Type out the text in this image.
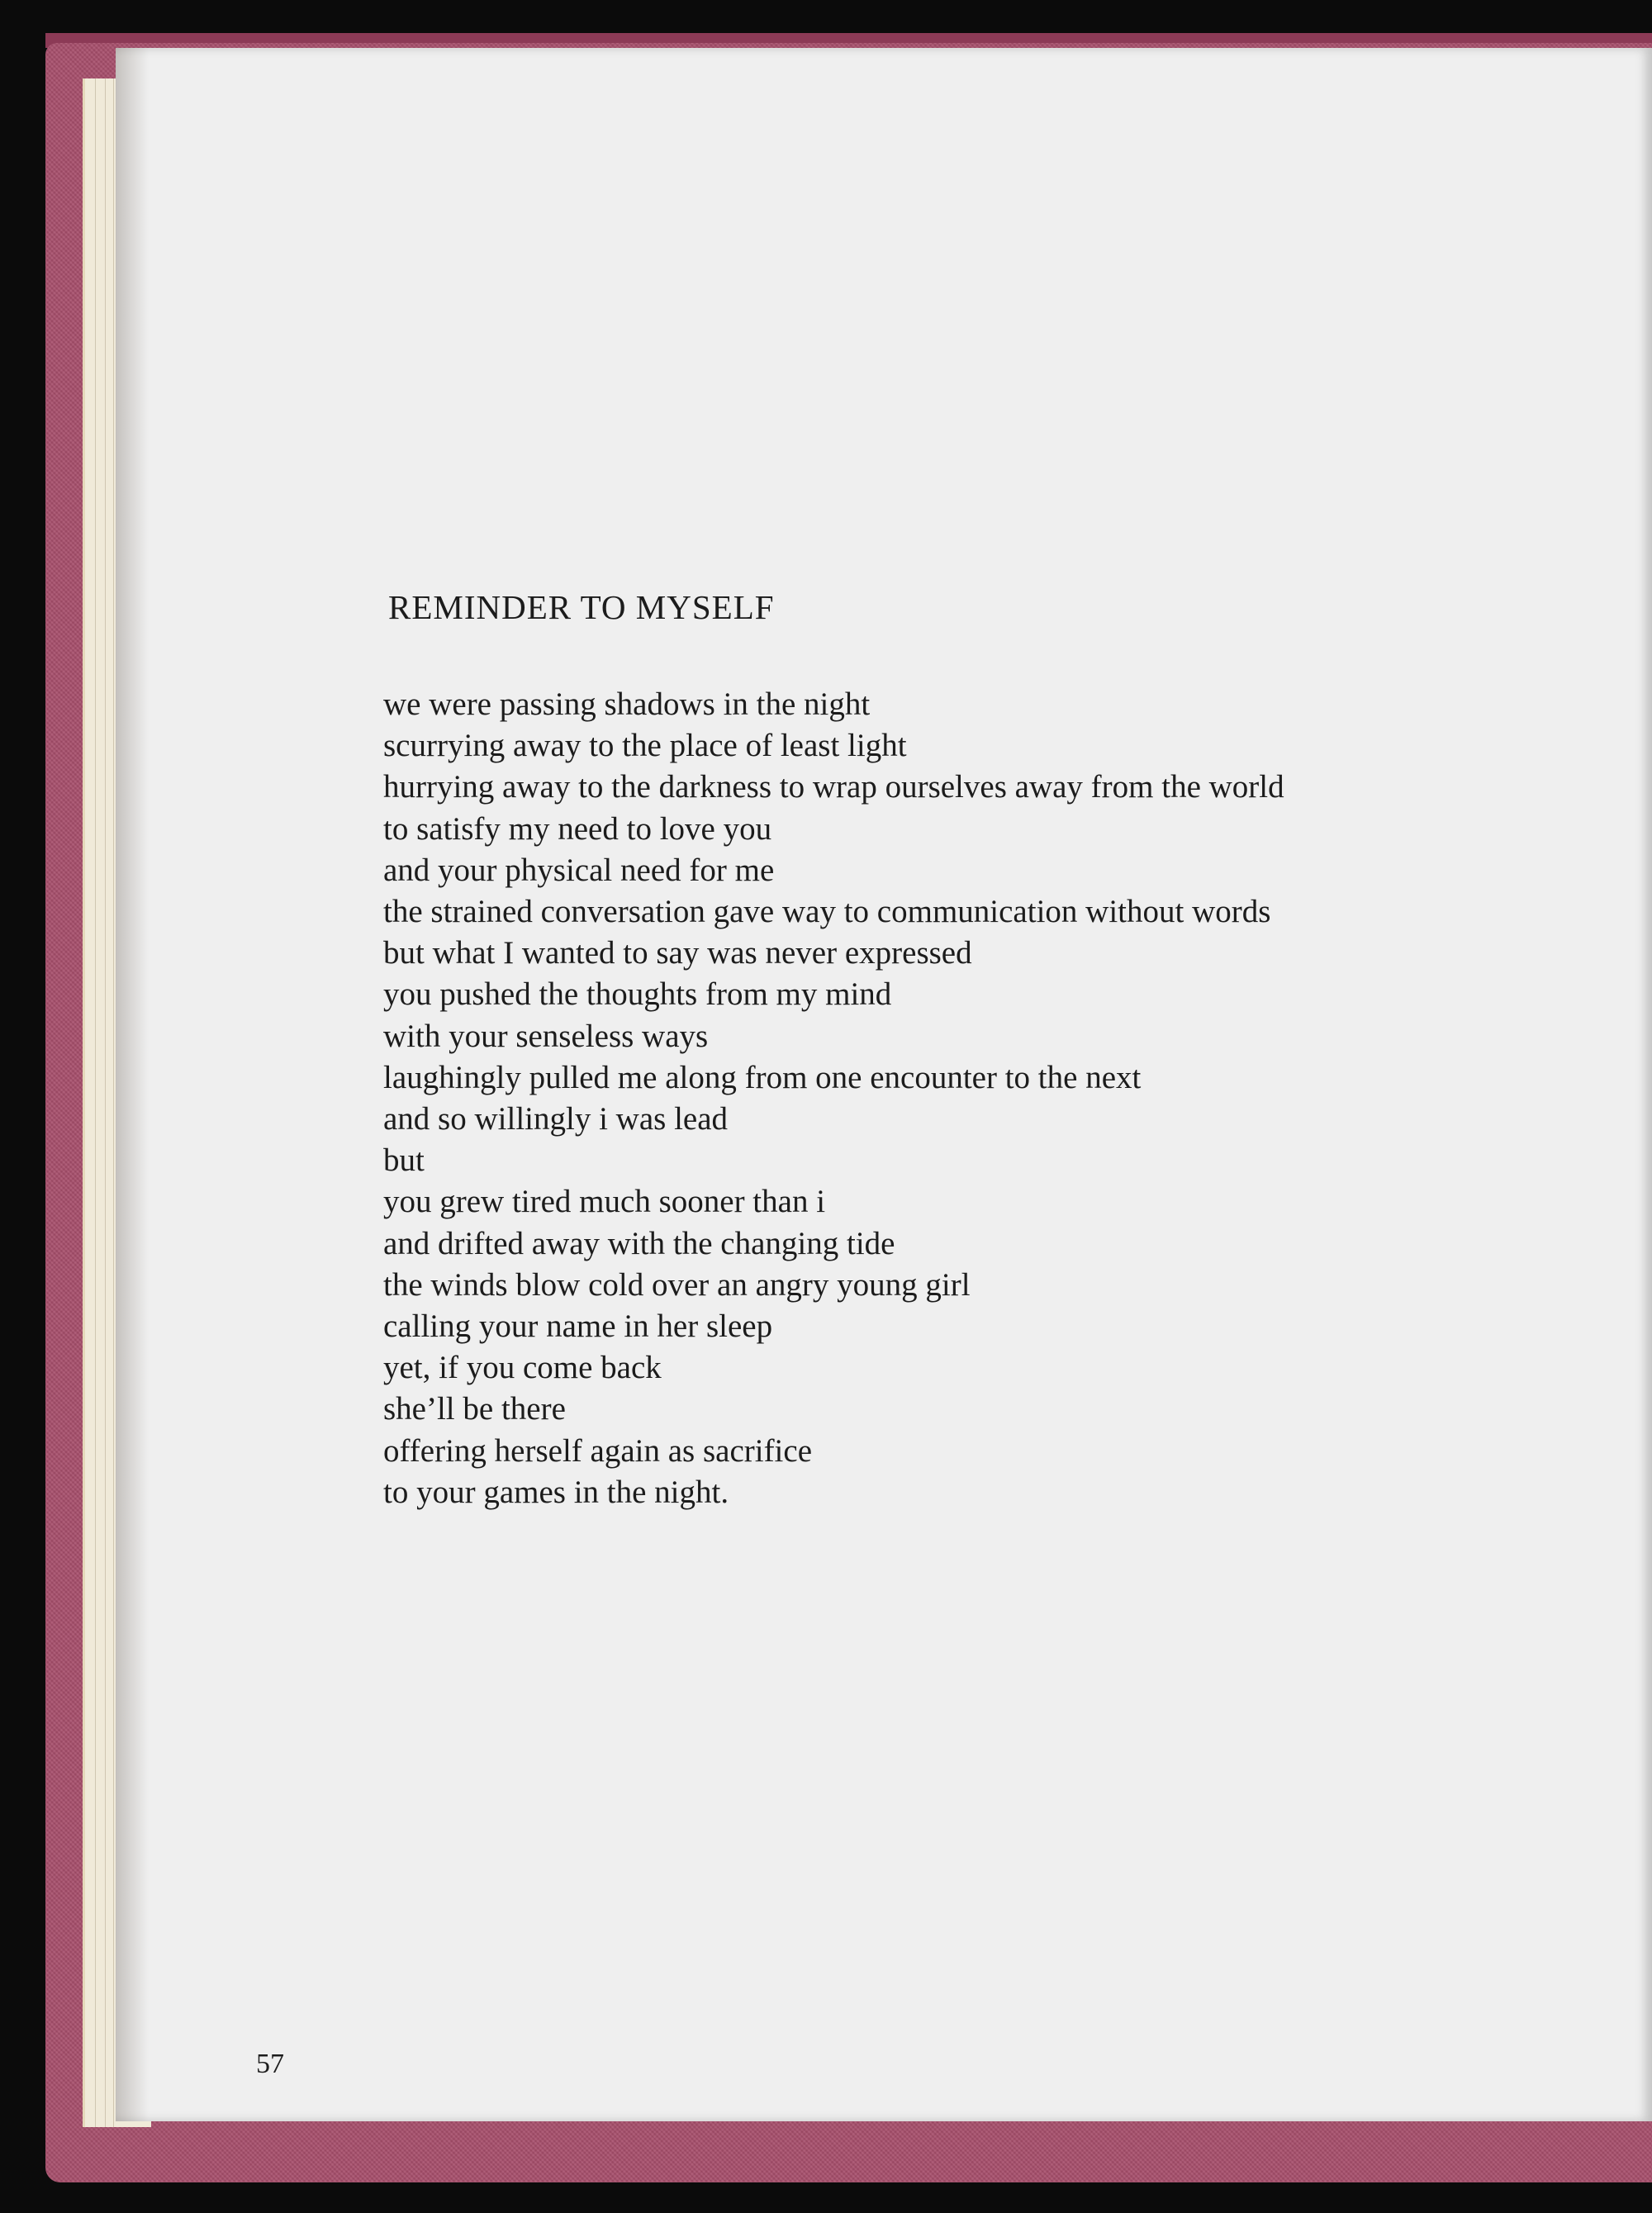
REMINDER TO MYSELF
we were passing shadows in the night
scurrying away to the place of least light
hurrying away to the darkness to wrap ourselves away from the world
to satisfy my need to love you
and your physical need for me
the strained conversation gave way to communication without words
but what I wanted to say was never expressed
you pushed the thoughts from my mind
with your senseless ways
laughingly pulled me along from one encounter to the next
and so willingly i was lead
but
you grew tired much sooner than i
and drifted away with the changing tide
the winds blow cold over an angry young girl
calling your name in her sleep
yet, if you come back
she’ll be there
offering herself again as sacrifice
to your games in the night.
57
